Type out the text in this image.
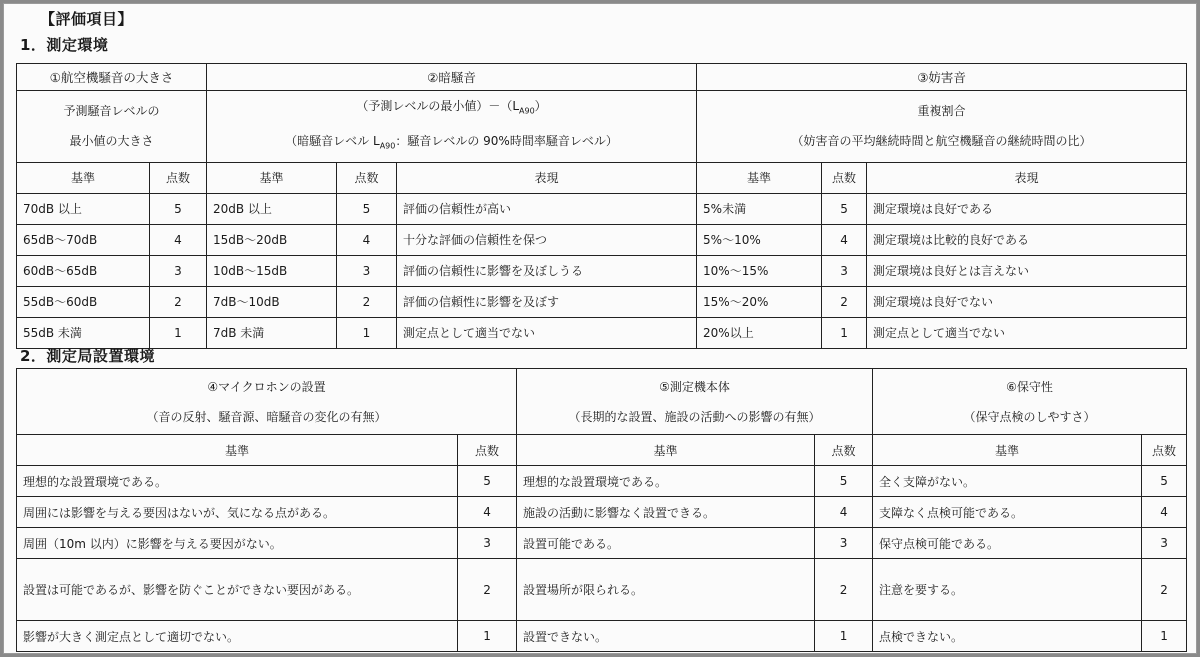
【評価項目】
1．測定環境
①航空機騒音の大きさ		②暗騒音			③妨害音		

予測騒音レベルの
最小値の大きさ

（予測レベルの最小値）$-(L_{A90})$
（暗騒音レベル $L_{A90}$：騒音レベルの 90%時間率騒音レベル）

重複割合
（妨害音の平均継続時間と航空機騒音の継続時間の比）

基準	点数	基準	点数	表現	基準	点数	表現
70dB 以上	5	20dB 以上	5	評価の信頼性が高い	5%未満	5	測定環境は良好である
65dB～70dB	4	15dB～20dB	4	十分な評価の信頼性を保つ	5%～10%	4	測定環境は比較的良好である
60dB～65dB	3	10dB～15dB	3	評価の信頼性に影響を及ぼしうる	10%～15%	3	測定環境は良好とは言えない
55dB～60dB	2	7dB～10dB	2	評価の信頼性に影響を及ぼす	15%～20%	2	測定環境は良好でない
55dB 未満	1	7dB 未満	1	測定点として適当でない	20%以上	1	測定点として適当でない
2．測定局設置環境
④マイクロホンの設置
（音の反射、騒音源、暗騒音の変化の有無）

⑤測定機本体
（長期的な設置、施設の活動への影響の有無）

⑥保守性
（保守点検のしやすさ）

基準	点数	基準	点数	基準	点数
理想的な設置環境である。	5	理想的な設置環境である。	5	全く支障がない。	5
周囲には影響を与える要因はないが、気になる点がある。	4	施設の活動に影響なく設置できる。	4	支障なく点検可能である。	4
周囲（10m 以内）に影響を与える要因がない。	3	設置可能である。	3	保守点検可能である。	3
設置は可能であるが、影響を防ぐことができない要因がある。	2	設置場所が限られる。	2	注意を要する。	2
影響が大きく測定点として適切でない。	1	設置できない。	1	点検できない。	1
